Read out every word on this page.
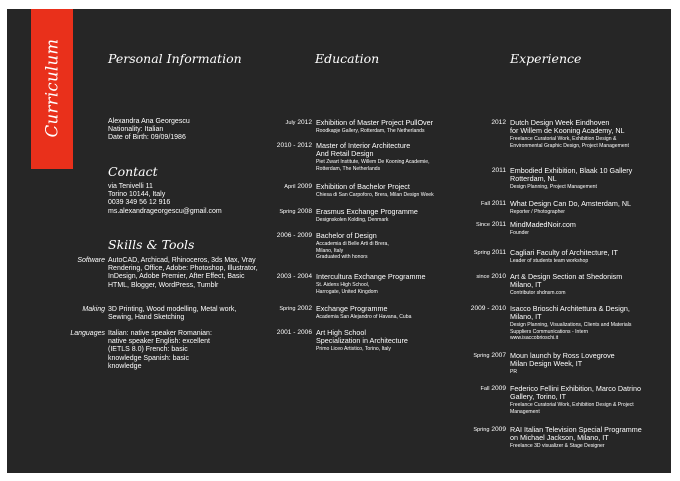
Curriculum	Personal Information	Education	Experience
Alexandra Ana Georgescu
Nationality: Italian
Date of Birth: 09/09/1986
Contact
via Tenivelli 11
Torino 10144, Italy
0039 349 56 12 916
ms.alexandrageorgescu@gmail.com
Skills & Tools
Software AutoCAD, Archicad, Rhinoceros, 3ds Max, Vray Rendering, Office, Adobe: Photoshop, Illustrator, InDesign, Adobe Premier, After Effect, Basic HTML, Blogger, WordPress, Tumblr
Making 3D Printing, Wood modelling, Metal work, Sewing, Hand Sketching
Languages Italian: native speaker Romanian: native speaker English: excellent (IETLS 8.0) French: basic knowledge Spanish: basic knowledge
July 2012 Exhibition of Master Project PullOver
Roodkapje Gallery, Rotterdam, The Netherlands
2010 - 2012 Master of Interior Architecture
And Retail Design
Piet Zwart Institute, Willem De Kooning Academie,
Rotterdam, The Netherlands
April 2009 Exhibition of Bachelor Project
Chiesa di San Carpoforo, Brera, Milan Design Week
Spring 2008 Erasmus Exchange Programme
Designskolen Kolding, Denmark
2006 - 2009 Bachelor of Design
Accademia di Belle Arti di Brera,
Milano, Italy
Graduated with honors
2003 - 2004 Intercultura Exchange Programme
St. Aidens High School,
Harrogate, United Kingdom
Spring 2002 Exchange Programme
Academia San Alejandro of Havana, Cuba
2001 - 2006 Art High School
Specialization in Architecture
Primo Liceo Artistico, Torino, Italy
2012 Dutch Design Week Eindhoven
for Willem de Kooning Academy, NL
Freelance Curatorial Work, Exhibition Design &
Environmental Graphic Design, Project Management
2011 Embodied Exhibition, Blaak 10 Gallery
Rotterdam, NL
Design Planning, Project Management
Fall 2011 What Design Can Do, Amsterdam, NL
Reporter / Photographer
Since 2011 MindMadedNoir.com
Founder
Spring 2011 Cagliari Faculty of Architecture, IT
Leader of students team workshop
since 2010 Art & Design Section at Shedonism
Milano, IT
Contributor shdnsm.com
2009 - 2010 Isacco Brioschi Architettura & Design,
Milano, IT
Design Planning, Visualizations, Clients and Materials
Suppliers Communications - Intern
www.isaccobrioschi.it
Spring 2007 Moun launch by Ross Lovegrove
Milan Design Week, IT
PR
Fall 2009 Federico Fellini Exhibition, Marco Datrino
Gallery, Torino, IT
Freelance Curatorial Work, Exhibition Design & Project
Management
Spring 2009 RAI Italian Television Special Programme
on Michael Jackson, Milano, IT
Freelance 3D visualizer & Stage Designer
